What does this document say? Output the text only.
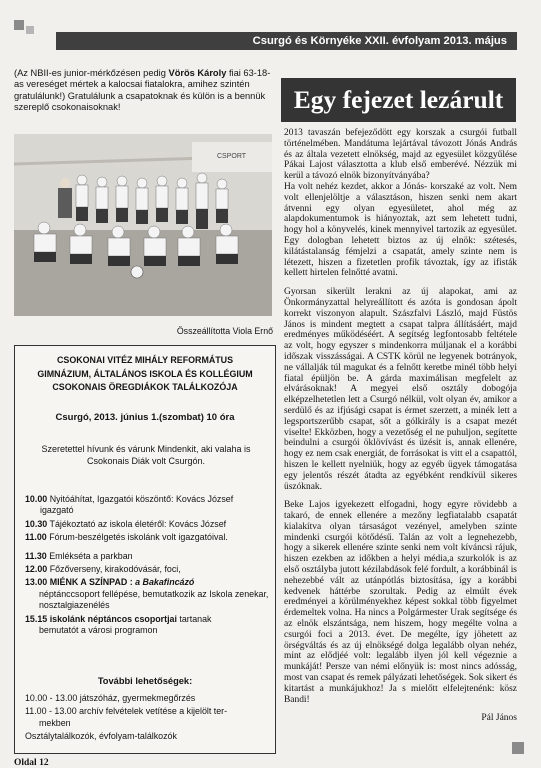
Csurgó és Környéke XXII. évfolyam 2013. május
(Az NBII-es junior-mérkőzésen pedig Vörös Károly fiai 63-18-as vereséget mértek a kalocsai fiatalokra, amihez szintén gratulálunk!) Gratulálunk a csapatoknak és külön is a bennük szereplő csokonaisoknak!
CSPORT
Összeállította Viola Ernő
CSOKONAI VITÉZ MIHÁLY REFORMÁTUS
GIMNÁZIUM, ÁLTALÁNOS ISKOLA ÉS KOLLÉGIUM
CSOKONAIS ÖREGDIÁKOK TALÁLKOZÓJA
Csurgó, 2013. június 1.(szombat) 10 óra
Szeretettel hívunk és várunk Mindenkit, aki valaha is Csokonais Diák volt Csurgón.
10.00 Nyitóáhítat, Igazgatói köszöntő: Kovács József
igazgató
10.30 Tájékoztató az iskola életéről: Kovács József
11.00 Fórum-beszélgetés iskolánk volt igazgatóival.
11.30 Emlékséta a parkban
12.00 Főzőverseny, kirakodóvásár, foci,
13.00 MIÉNK A SZÍNPAD : a Bakafincázó
néptánccsoport fellépése, bemutatkozik az Iskola zenekar, nosztalgiazenélés
15.15 iskolánk néptáncos csoportjai tartanak
bemutatót a városi programon
További lehetőségek:
10.00 - 13.00 játszóház, gyermekmegőrzés
11.00 - 13.00 archív felvételek vetítése a kijelölt ter-
mekben
Osztálytalálkozók, évfolyam-találkozók
Egy fejezet lezárult

2013 tavaszán befejeződött egy korszak a csurgói futball történelmében. Mandátuma lejártával távozott Jónás András és az általa vezetett elnökség, majd az egyesület közgyűlése Pákai Lajost választotta a klub első emberévé. Nézzük mi kerül a távozó elnök bizonyítványába?

Ha volt nehéz kezdet, akkor a Jónás- korszaké az volt. Nem volt ellenjelöltje a választáson, hiszen senki nem akart átvenni egy olyan egyesületet, ahol még az alapdokumentumok is hiányoztak, azt sem lehetett tudni, hogy hol a könyvelés, kinek mennyivel tartozik az egyesület. Egy dologban lehetett biztos az új elnök: szétesés, kilátástalanság fémjelzi a csapatát, amely szinte nem is létezett, hiszen a fizetetlen profik távoztak, így az ifisták kellett hirtelen felnőtté avatni.

Gyorsan sikerült lerakni az új alapokat, ami az Önkormányzattal helyreállított és azóta is gondosan ápolt korrekt viszonyon alapult. Szászfalvi László, majd Füstös János is mindent megtett a csapat talpra állításáért, majd eredményes működéséért. A segítség legfontosabb feltétele az volt, hogy egyszer s mindenkorra múljanak el a korábbi időszak visszásságai. A CSTK körül ne legyenek botrányok, ne vállalják túl magukat és a felnőtt keretbe minél több helyi fiatal épüljön be. A gárda maximálisan megfelelt az elvárásoknak! A megyei első osztály dobogója elképzelhetetlen lett a Csurgó nélkül, volt olyan év, amikor a serdülő és az ifjúsági csapat is érmet szerzett, a minék lett a legsportszerűbb csapat, sőt a gólkirály is a csapat mezét viselte! Ekközben, hogy a vezetőség el ne puhuljon, segítette beindulni a csurgói öklövívást és üzésit is, annak ellenére, hogy ez nem csak energiát, de forrásokat is vitt el a csapattól, hiszen le kellett nyelniük, hogy az egyéb ügyek támogatása egy jelentős részét átadta az egyébként rendkívül sikeres üszóknak.

Beke Lajos igyekezett elfogadni, hogy egyre rövidebb a takaró, de ennek ellenére a mezőny legfiatalabb csapatát kialakítva olyan társaságot vezényel, amelyben szinte mindenki csurgói kötődésű. Talán az volt a legnehezebb, hogy a sikerek ellenére szinte senki nem volt kíváncsi rájuk, hiszen ezekben az időkben a helyi média,a szurkolók is az első osztályba jutott kézilabdások felé fordult, a korábbinál is nehezebbé vált az utánpótlás biztosítása, így a korábbi kedvenek háttérbe szorultak. Pedig az elmúlt évek eredményei a körülményekhez képest sokkal több figyelmet érdemeltek volna. Ha nincs a Polgármester Urak segítsége és az elnök elszántsága, nem hiszem, hogy megélte volna a csurgói foci a 2013. évet. De megélte, így jöhetett az örségváltás és az új elnökségé dolga legalább olyan nehéz, mint az elődjéé volt: legalább ilyen jól kell végeznie a munkáját! Persze van némi előnyük is: most nincs adósság, most van csapat és remek pályázati lehetőségek. Sok sikert és kitartást a munkájukhoz! Ja s mielőtt elfelejtenénk: kösz Bandi!

Pál János
Oldal 12
